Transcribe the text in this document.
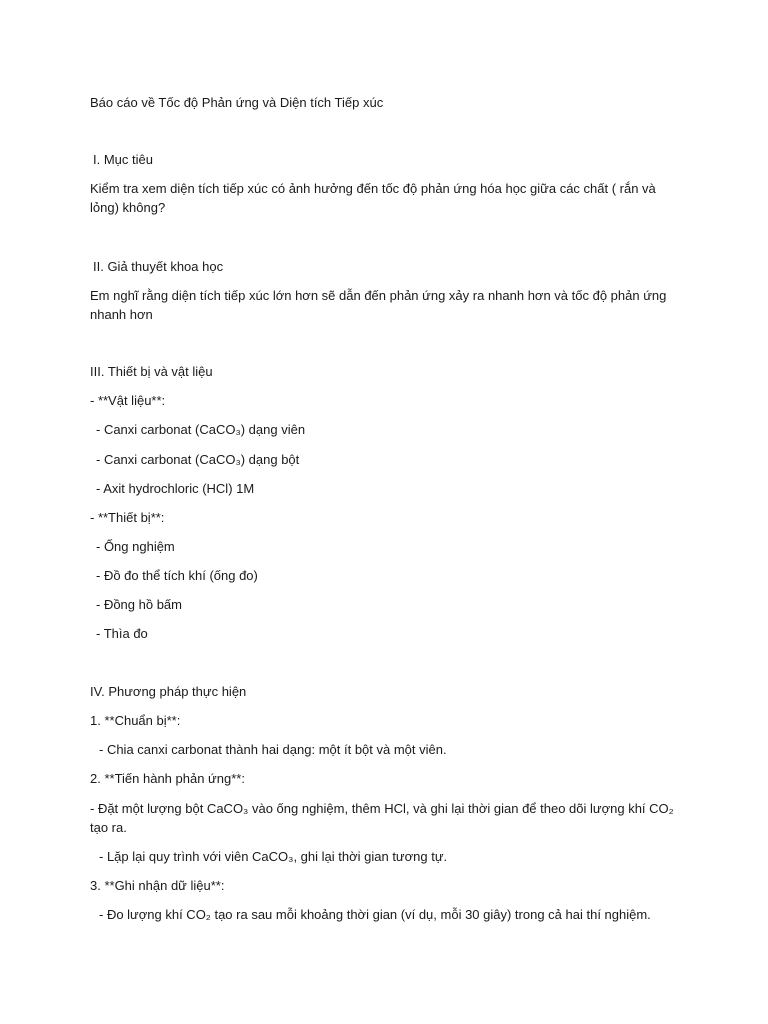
Báo cáo về Tốc độ Phản ứng và Diện tích Tiếp xúc
I. Mục tiêu
Kiểm tra xem diện tích tiếp xúc có ảnh hưởng đến tốc độ phản ứng hóa học giữa các chất ( rắn và lỏng) không?
II. Giả thuyết khoa học
Em nghĩ rằng diện tích tiếp xúc lớn hơn sẽ dẫn đến phản ứng xảy ra nhanh hơn và tốc độ phản ứng nhanh hơn
III. Thiết bị và vật liệu
- **Vật liệu**:
- Canxi carbonat (CaCO₃) dạng viên
- Canxi carbonat (CaCO₃) dạng bột
- Axit hydrochloric (HCl) 1M
- **Thiết bị**:
- Ống nghiệm
- Đồ đo thể tích khí (ống đo)
- Đồng hồ bấm
- Thìa đo
IV. Phương pháp thực hiện
1. **Chuẩn bị**:
- Chia canxi carbonat thành hai dạng: một ít bột và một viên.
2. **Tiến hành phản ứng**:
- Đặt một lượng bột CaCO₃ vào ống nghiệm, thêm HCl, và ghi lại thời gian để theo dõi lượng khí CO₂ tạo ra.
- Lặp lại quy trình với viên CaCO₃, ghi lại thời gian tương tự.
3. **Ghi nhận dữ liệu**:
- Đo lượng khí CO₂ tạo ra sau mỗi khoảng thời gian (ví dụ, mỗi 30 giây) trong cả hai thí nghiệm.
